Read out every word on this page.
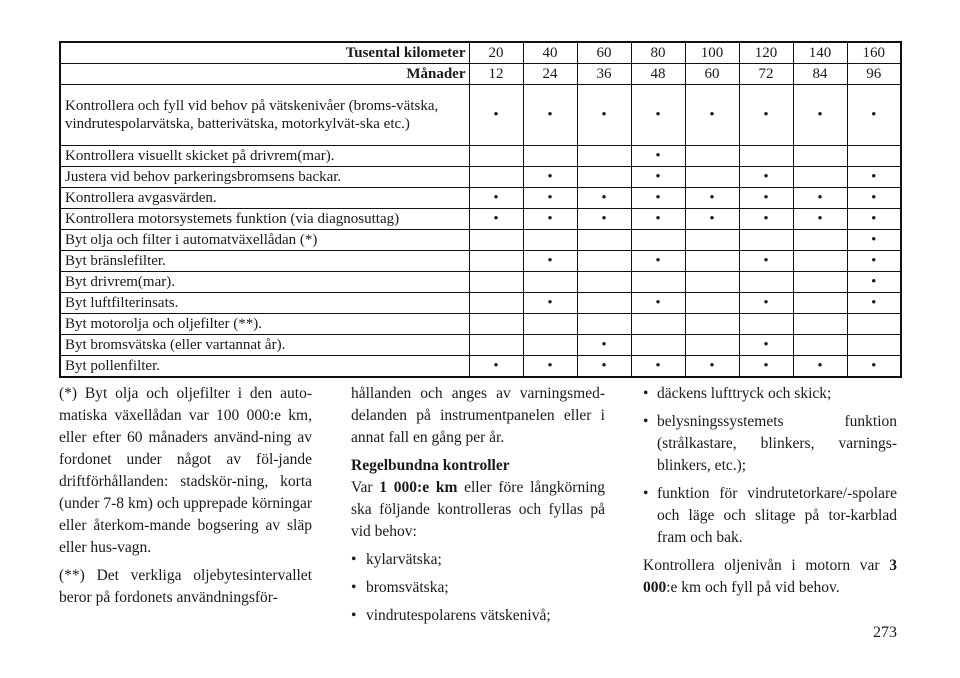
Tusental kilometer	20	40	60	80	100	120	140	160
Månader	12	24	36	48	60	72	84	96
Kontrollera och fyll vid behov på vätskenivåer (broms-vätska, vindrutespolarvätska, batterivätska, motorkylvät-ska etc.)	•	•	•	•	•	•	•	•
Kontrollera visuellt skicket på drivrem(mar).				•				
Justera vid behov parkeringsbromsens backar.		•		•		•		•
Kontrollera avgasvärden.	•	•	•	•	•	•	•	•
Kontrollera motorsystemets funktion (via diagnosuttag)	•	•	•	•	•	•	•	•
Byt olja och filter i automatväxellådan (*)								•
Byt bränslefilter.		•		•		•		•
Byt drivrem(mar).								•
Byt luftfilterinsats.		•		•		•		•
Byt motorolja och oljefilter (**).								
Byt bromsvätska (eller vartannat år).			•			•		
Byt pollenfilter.	•	•	•	•	•	•	•	•

(*) Byt olja och oljefilter i den auto-matiska växellådan var 100 000:e km, eller efter 60 månaders använd-ning av fordonet under något av föl-jande driftförhållanden: stadskör-ning, korta (under 7-8 km) och upprepade körningar eller återkom-mande bogsering av släp eller hus-vagn.

(**) Det verkliga oljebytesintervallet beror på fordonets användningsför-

hållanden och anges av varningsmed-delanden på instrumentpanelen eller i annat fall en gång per år.

Regelbundna kontroller

Var 1 000:e km eller före långkörning ska följande kontrolleras och fyllas på vid behov:

• kylarvätska;
• bromsvätska;
• vindrutespolarens vätskenivå;
• däckens lufttryck och skick;
• belysningssystemets funktion (strålkastare, blinkers, varnings-blinkers, etc.);
• funktion för vindrutetorkare/-spolare och läge och slitage på tor-karblad fram och bak.

Kontrollera oljenivån i motorn var 3 000:e km och fyll på vid behov.

273
